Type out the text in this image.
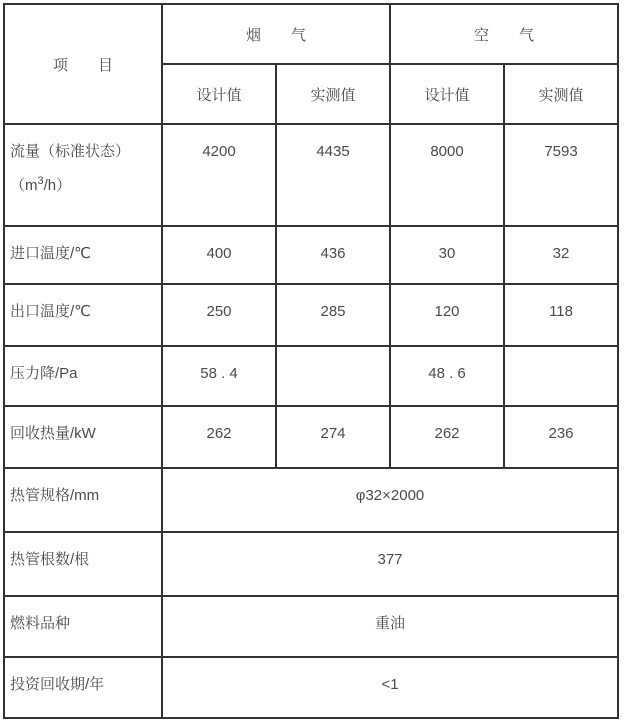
项　　目	烟　　气		空　　气	
	设计值	实测值	设计值	实测值
流量（标准状态）
$(m^3/h)$	4200	4435	8000	7593
进口温度/℃	400	436	30	32
出口温度/℃	250	285	120	118
压力降/Pa	58 . 4		48 . 6	
回收热量/kW	262	274	262	236
热管规格/mm	φ32×2000			
热管根数/根	377			
燃料品种	重油			
投资回收期/年	<1			
